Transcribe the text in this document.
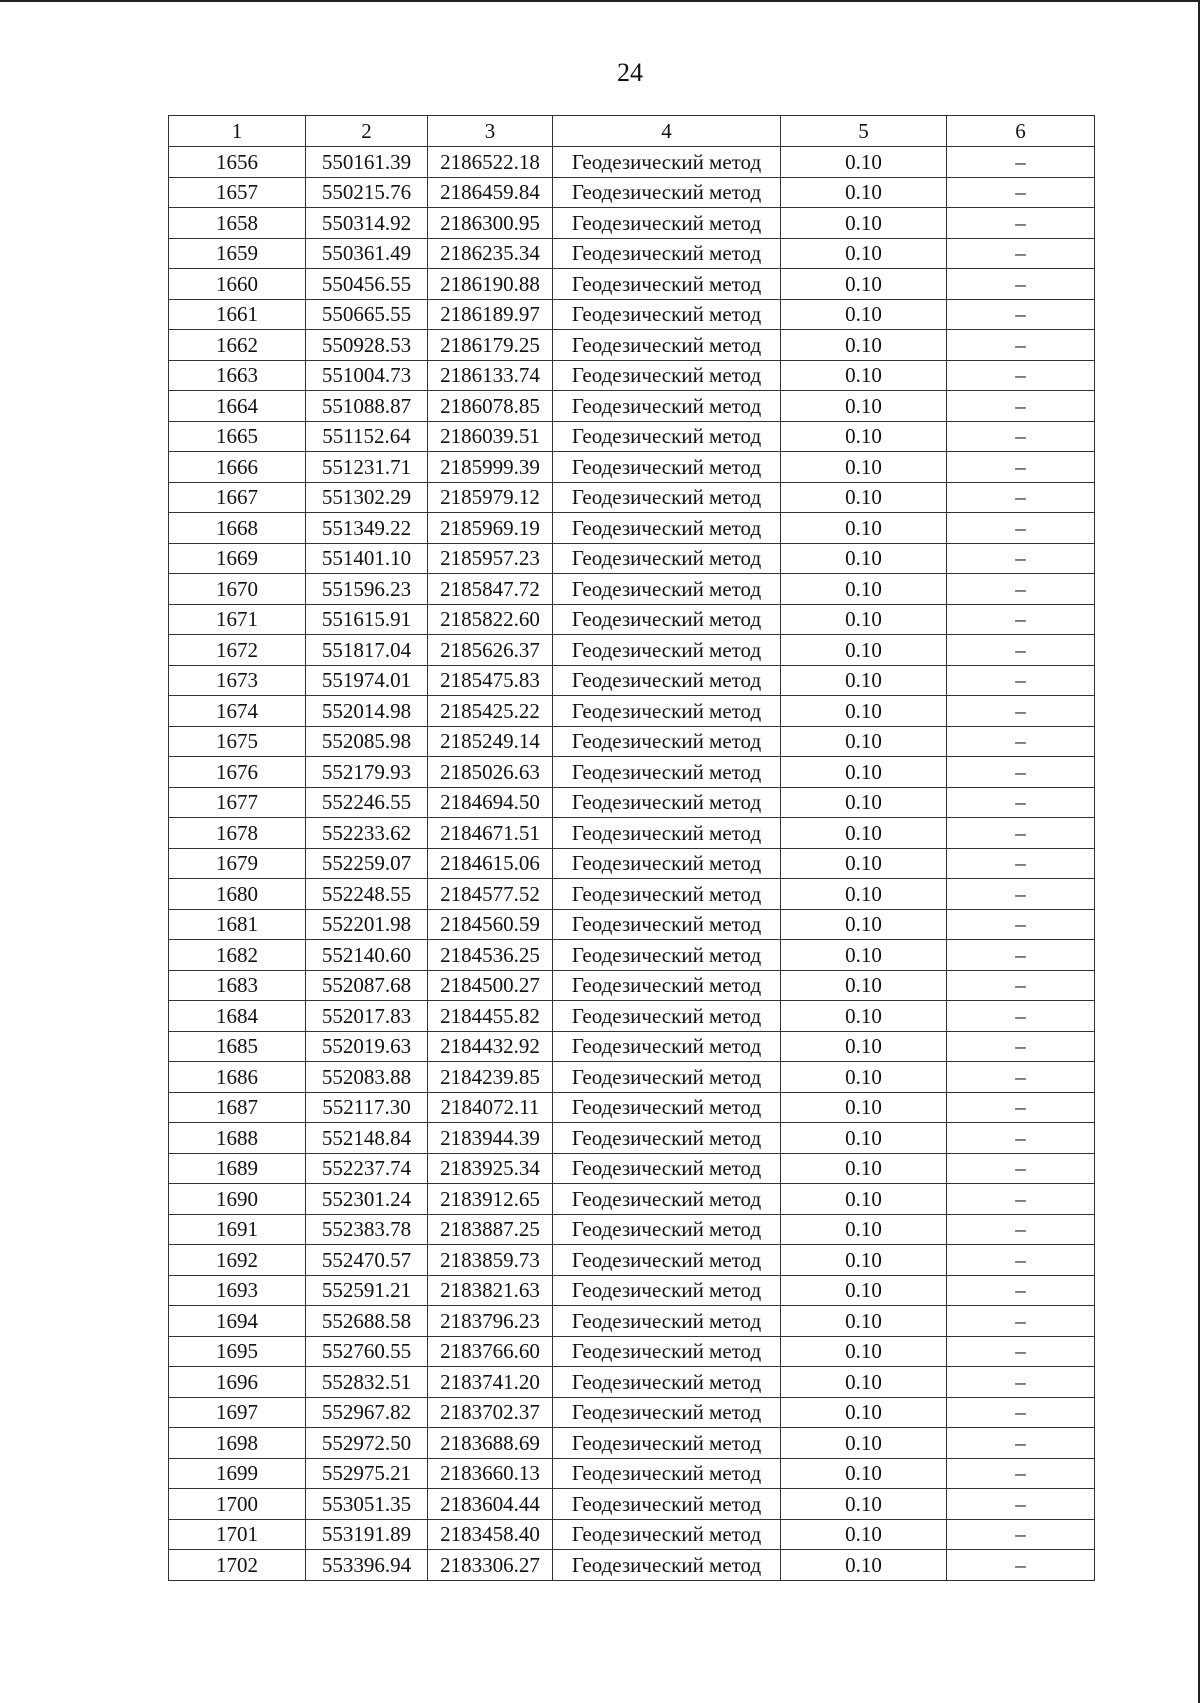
24
1	2	3	4	5	6
1656	550161.39	2186522.18	Геодезический метод	0.10	–
1657	550215.76	2186459.84	Геодезический метод	0.10	–
1658	550314.92	2186300.95	Геодезический метод	0.10	–
1659	550361.49	2186235.34	Геодезический метод	0.10	–
1660	550456.55	2186190.88	Геодезический метод	0.10	–
1661	550665.55	2186189.97	Геодезический метод	0.10	–
1662	550928.53	2186179.25	Геодезический метод	0.10	–
1663	551004.73	2186133.74	Геодезический метод	0.10	–
1664	551088.87	2186078.85	Геодезический метод	0.10	–
1665	551152.64	2186039.51	Геодезический метод	0.10	–
1666	551231.71	2185999.39	Геодезический метод	0.10	–
1667	551302.29	2185979.12	Геодезический метод	0.10	–
1668	551349.22	2185969.19	Геодезический метод	0.10	–
1669	551401.10	2185957.23	Геодезический метод	0.10	–
1670	551596.23	2185847.72	Геодезический метод	0.10	–
1671	551615.91	2185822.60	Геодезический метод	0.10	–
1672	551817.04	2185626.37	Геодезический метод	0.10	–
1673	551974.01	2185475.83	Геодезический метод	0.10	–
1674	552014.98	2185425.22	Геодезический метод	0.10	–
1675	552085.98	2185249.14	Геодезический метод	0.10	–
1676	552179.93	2185026.63	Геодезический метод	0.10	–
1677	552246.55	2184694.50	Геодезический метод	0.10	–
1678	552233.62	2184671.51	Геодезический метод	0.10	–
1679	552259.07	2184615.06	Геодезический метод	0.10	–
1680	552248.55	2184577.52	Геодезический метод	0.10	–
1681	552201.98	2184560.59	Геодезический метод	0.10	–
1682	552140.60	2184536.25	Геодезический метод	0.10	–
1683	552087.68	2184500.27	Геодезический метод	0.10	–
1684	552017.83	2184455.82	Геодезический метод	0.10	–
1685	552019.63	2184432.92	Геодезический метод	0.10	–
1686	552083.88	2184239.85	Геодезический метод	0.10	–
1687	552117.30	2184072.11	Геодезический метод	0.10	–
1688	552148.84	2183944.39	Геодезический метод	0.10	–
1689	552237.74	2183925.34	Геодезический метод	0.10	–
1690	552301.24	2183912.65	Геодезический метод	0.10	–
1691	552383.78	2183887.25	Геодезический метод	0.10	–
1692	552470.57	2183859.73	Геодезический метод	0.10	–
1693	552591.21	2183821.63	Геодезический метод	0.10	–
1694	552688.58	2183796.23	Геодезический метод	0.10	–
1695	552760.55	2183766.60	Геодезический метод	0.10	–
1696	552832.51	2183741.20	Геодезический метод	0.10	–
1697	552967.82	2183702.37	Геодезический метод	0.10	–
1698	552972.50	2183688.69	Геодезический метод	0.10	–
1699	552975.21	2183660.13	Геодезический метод	0.10	–
1700	553051.35	2183604.44	Геодезический метод	0.10	–
1701	553191.89	2183458.40	Геодезический метод	0.10	–
1702	553396.94	2183306.27	Геодезический метод	0.10	–
